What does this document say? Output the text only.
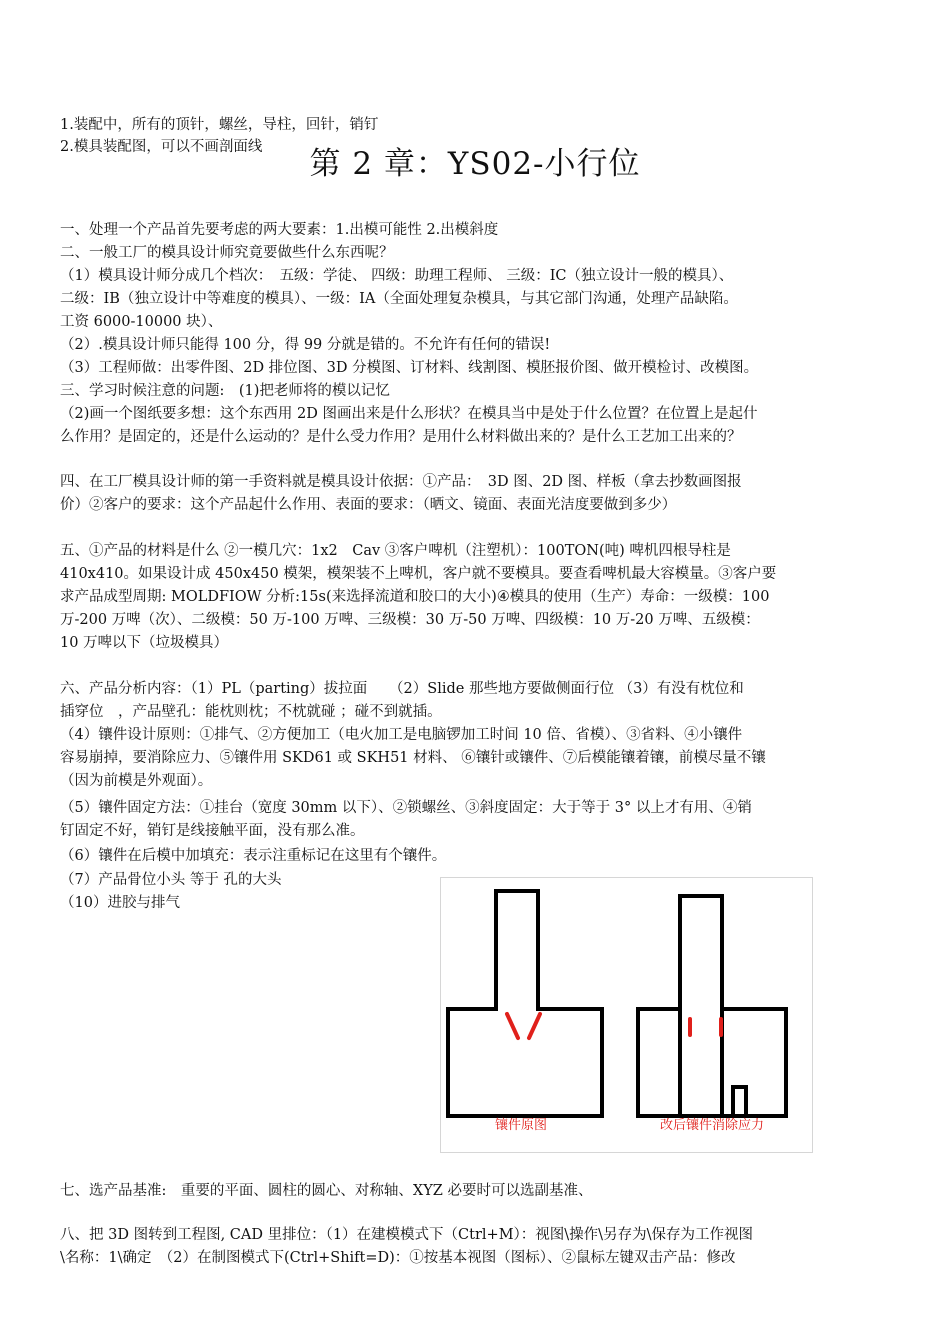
1.装配中，所有的顶针，螺丝，导柱，回针，销钉
2.模具装配图，可以不画剖面线	第 2 章：YS02-小行位
一、处理一个产品首先要考虑的两大要素：1.出模可能性 2.出模斜度
二、一般工厂的模具设计师究竟要做些什么东西呢？
（1）模具设计师分成几个档次：　五级：学徒、 四级：助理工程师、 三级：IC（独立设计一般的模具）、
二级：IB（独立设计中等难度的模具）、一级：IA（全面处理复杂模具，与其它部门沟通，处理产品缺陷。
工资 6000-10000 块）、
（2）.模具设计师只能得 100 分，得 99 分就是错的。不允许有任何的错误!
（3）工程师做：出零件图、2D 排位图、3D 分模图、订材料、线割图、模胚报价图、做开模检讨、改模图。
三、学习时候注意的问题:　(1)把老师将的模以记忆
（2)画一个图纸要多想：这个东西用 2D 图画出来是什么形状？在模具当中是处于什么位置？在位置上是起什
么作用？是固定的，还是什么运动的？是什么受力作用？是用什么材料做出来的？是什么工艺加工出来的？
四、在工厂模具设计师的第一手资料就是模具设计依据：①产品：　3D 图、2D 图、样板（拿去抄数画图报
价）②客户的要求：这个产品起什么作用、表面的要求：（晒文、镜面、表面光洁度要做到多少）
五、①产品的材料是什么 ②一模几穴：1x2　Cav ③客户啤机（注塑机）：100TON(吨) 啤机四根导柱是
410x410。如果设计成 450x450 模架，模架装不上啤机，客户就不要模具。要查看啤机最大容模量。③客户要
求产品成型周期: MOLDFIOW 分析:15s(来选择流道和胶口的大小)④模具的使用（生产）寿命：一级模：100
万-200 万啤（次）、二级模：50 万-100 万啤、三级模：30 万-50 万啤、四级模：10 万-20 万啤、五级模：
10 万啤以下（垃圾模具）
六、产品分析内容：（1）PL（parting）拔拉面　　（2）Slide 那些地方要做侧面行位 （3）有没有枕位和
插穿位　，产品壁孔：能枕则枕；不枕就碰 ；碰不到就插。
（4）镶件设计原则：①排气、②方便加工（电火加工是电脑锣加工时间 10 倍、省模）、③省料、④小镶件
容易崩掉，要消除应力、⑤镶件用 SKD61 或 SKH51 材料、 ⑥镶针或镶件、⑦后模能镶着镶，前模尽量不镶
（因为前模是外观面）。
（5）镶件固定方法：①挂台（宽度 30mm 以下）、②锁螺丝、③斜度固定：大于等于 3° 以上才有用、④销
钉固定不好，销钉是线接触平面，没有那么准。
（6）镶件在后模中加填充：表示注重标记在这里有个镶件。
（7）产品骨位小头 等于 孔的大头
（10）进胶与排气
镶件原图	改后镶件消除应力
七、选产品基准:　重要的平面、圆柱的圆心、对称轴、XYZ 必要时可以选副基准、
八、把 3D 图转到工程图, CAD 里排位：（1）在建模模式下（Ctrl+M）：视图\操作\另存为\保存为工作视图
\名称：1\确定　（2）在制图模式下(Ctrl+Shift=D)：①按基本视图（图标）、②鼠标左键双击产品：修改
